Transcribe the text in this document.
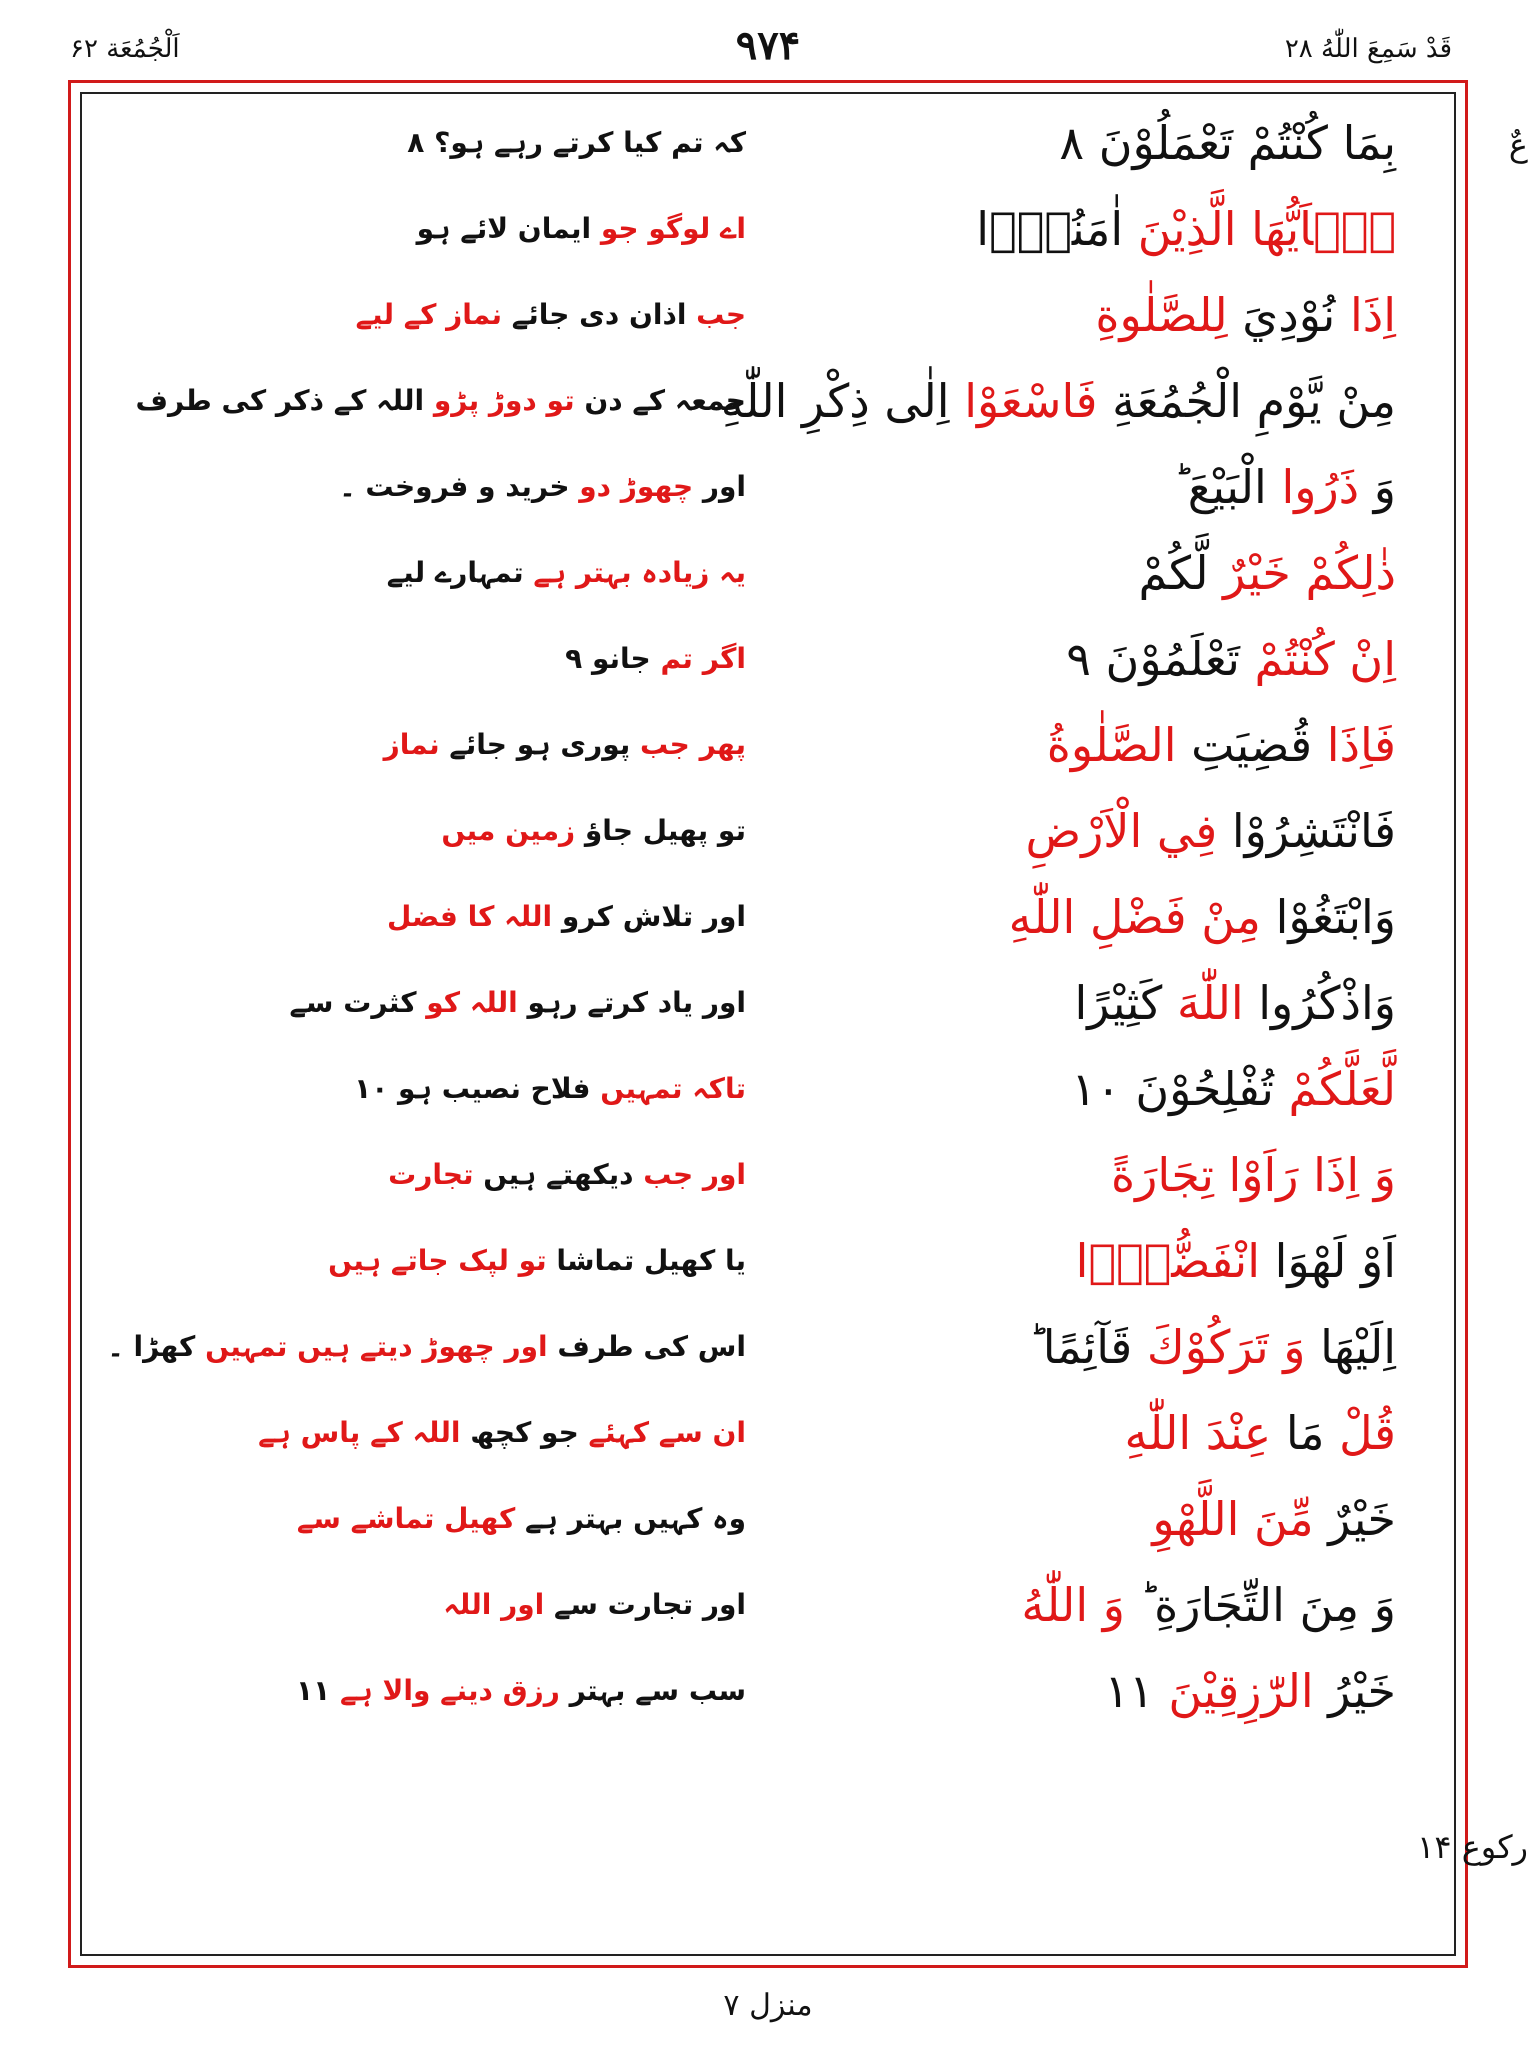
قَدْ سَمِعَ اللّٰهُ ۲۸
۹۷۴
اَلْجُمُعَة ۶۲
عٌ
رکوع ۱۴
بِمَا كُنْتُمْ تَعْمَلُوْنَ ۸
کہ تم کیا کرتے رہے ہو؟ ۸
يٰۤاَيُّهَا الَّذِيْنَ اٰمَنُوْۤا
اے لوگو جو ایمان لائے ہو
اِذَا نُوْدِيَ لِلصَّلٰوةِ
جب اذان دی جائے نماز کے لیے
مِنْ يَّوْمِ الْجُمُعَةِ فَاسْعَوْا اِلٰى ذِكْرِ اللّٰهِ
جمعہ کے دن تو دوڑ پڑو اللہ کے ذکر کی طرف
وَ ذَرُوا الْبَيْعَ ؕ
اور چھوڑ دو خرید و فروخت ۔
ذٰلِكُمْ خَيْرٌ لَّكُمْ
یہ زیادہ بہتر ہے تمہارے لیے
اِنْ كُنْتُمْ تَعْلَمُوْنَ ۹
اگر تم جانو ۹
فَاِذَا قُضِيَتِ الصَّلٰوةُ
پھر جب پوری ہو جائے نماز
فَانْتَشِرُوْا فِي الْاَرْضِ
تو پھیل جاؤ زمین میں
وَابْتَغُوْا مِنْ فَضْلِ اللّٰهِ
اور تلاش کرو اللہ کا فضل
وَاذْكُرُوا اللّٰهَ كَثِيْرًا
اور یاد کرتے رہو اللہ کو کثرت سے
لَّعَلَّكُمْ تُفْلِحُوْنَ ۱۰
تاکہ تمہیں فلاح نصیب ہو ۱۰
وَ اِذَا رَاَوْا تِجَارَةً
اور جب دیکھتے ہیں تجارت
اَوْ لَهْوَا انْفَضُّوْۤا
یا کھیل تماشا تو لپک جاتے ہیں
اِلَيْهَا وَ تَرَكُوْكَ قَآئِمًا ؕ
اس کی طرف اور چھوڑ دیتے ہیں تمہیں کھڑا ۔
قُلْ مَا عِنْدَ اللّٰهِ
ان سے کہئے جو کچھ اللہ کے پاس ہے
خَيْرٌ مِّنَ اللَّهْوِ
وہ کہیں بہتر ہے کھیل تماشے سے
وَ مِنَ التِّجَارَةِ ؕ وَ اللّٰهُ
اور تجارت سے اور اللہ
خَيْرُ الرّٰزِقِيْنَ ۱۱
سب سے بہتر رزق دینے والا ہے ۱۱
منزل ۷
